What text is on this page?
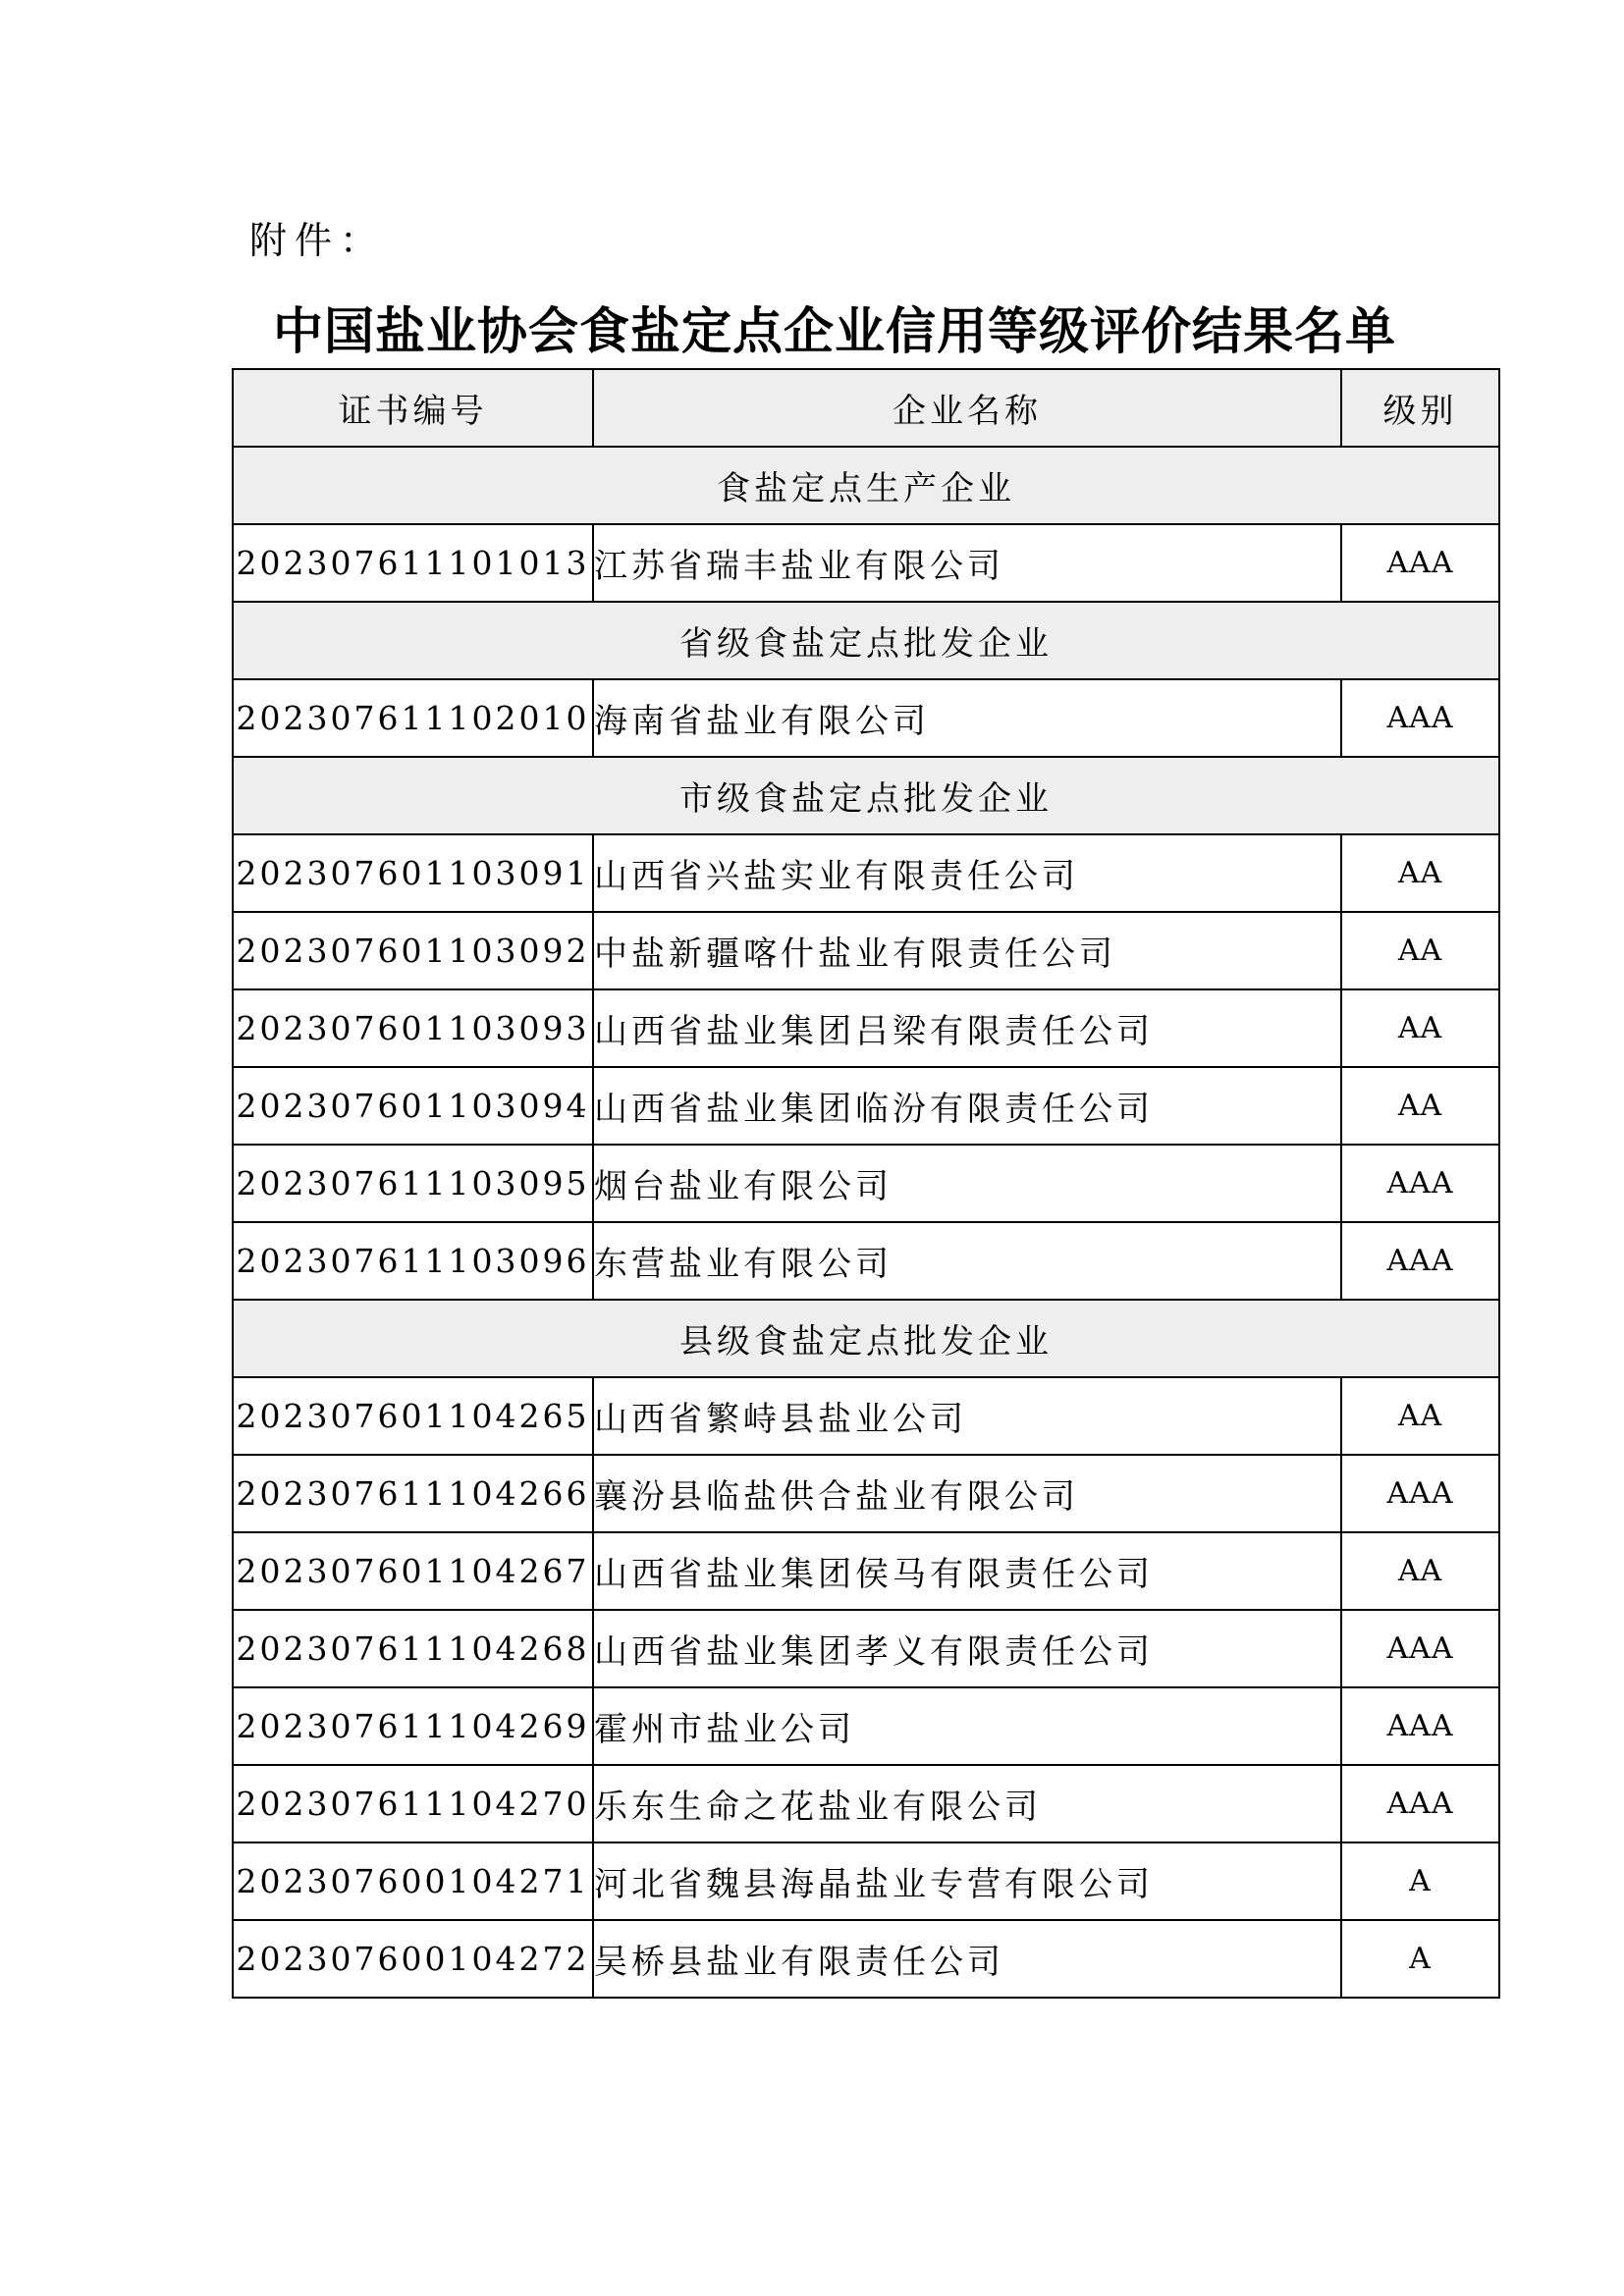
附件：
中国盐业协会食盐定点企业信用等级评价结果名单
证书编号	企业名称	级别
食盐定点生产企业		
202307611101013	江苏省瑞丰盐业有限公司	AAA
省级食盐定点批发企业		
202307611102010	海南省盐业有限公司	AAA
市级食盐定点批发企业		
202307601103091	山西省兴盐实业有限责任公司	AA
202307601103092	中盐新疆喀什盐业有限责任公司	AA
202307601103093	山西省盐业集团吕梁有限责任公司	AA
202307601103094	山西省盐业集团临汾有限责任公司	AA
202307611103095	烟台盐业有限公司	AAA
202307611103096	东营盐业有限公司	AAA
县级食盐定点批发企业		
202307601104265	山西省繁峙县盐业公司	AA
202307611104266	襄汾县临盐供合盐业有限公司	AAA
202307601104267	山西省盐业集团侯马有限责任公司	AA
202307611104268	山西省盐业集团孝义有限责任公司	AAA
202307611104269	霍州市盐业公司	AAA
202307611104270	乐东生命之花盐业有限公司	AAA
202307600104271	河北省魏县海晶盐业专营有限公司	A
202307600104272	吴桥县盐业有限责任公司	A
